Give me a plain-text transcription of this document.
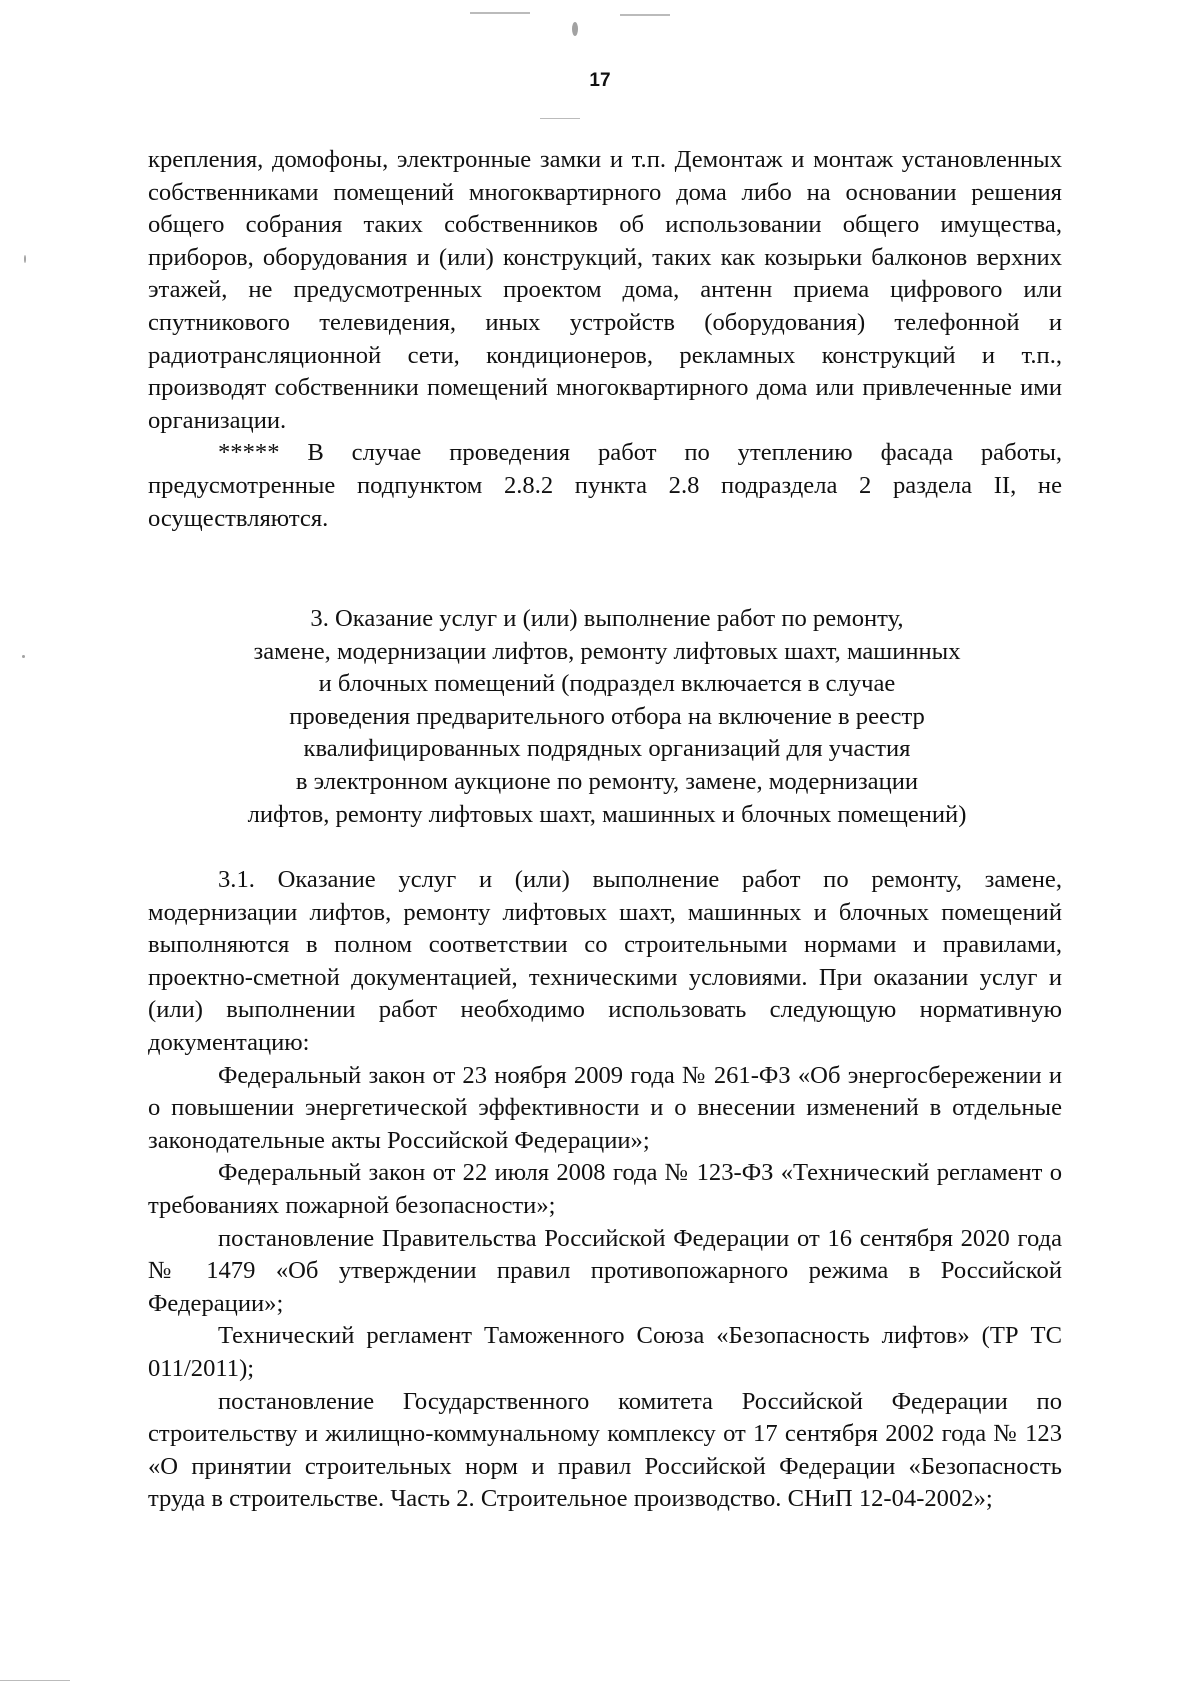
17

крепления, домофоны, электронные замки и т.п. Демонтаж и монтаж установленных собственниками помещений многоквартирного дома либо на основании решения общего собрания таких собственников об использовании общего имущества, приборов, оборудования и (или) конструкций, таких как козырьки балконов верхних этажей, не предусмотренных проектом дома, антенн приема цифрового или спутникового телевидения, иных устройств (оборудования) телефонной и радиотрансляционной сети, кондиционеров, рекламных конструкций и т.п., производят собственники помещений многоквартирного дома или привлеченные ими организации.

***** В случае проведения работ по утеплению фасада работы, предусмотренные подпунктом 2.8.2 пункта 2.8 подраздела 2 раздела II, не осуществляются.

3. Оказание услуг и (или) выполнение работ по ремонту,

замене, модернизации лифтов, ремонту лифтовых шахт, машинных

и блочных помещений (подраздел включается в случае

проведения предварительного отбора на включение в реестр

квалифицированных подрядных организаций для участия

в электронном аукционе по ремонту, замене, модернизации

лифтов, ремонту лифтовых шахт, машинных и блочных помещений)

3.1. Оказание услуг и (или) выполнение работ по ремонту, замене, модернизации лифтов, ремонту лифтовых шахт, машинных и блочных помещений выполняются в полном соответствии со строительными нормами и правилами, проектно-сметной документацией, техническими условиями. При оказании услуг и (или) выполнении работ необходимо использовать следующую нормативную документацию:

Федеральный закон от 23 ноября 2009 года № 261-ФЗ «Об энергосбережении и о повышении энергетической эффективности и о внесении изменений в отдельные законодательные акты Российской Федерации»;

Федеральный закон от 22 июля 2008 года № 123-ФЗ «Технический регламент о требованиях пожарной безопасности»;

постановление Правительства Российской Федерации от 16 сентября 2020 года № 1479 «Об утверждении правил противопожарного режима в Российской Федерации»;

Технический регламент Таможенного Союза «Безопасность лифтов» (ТР ТС 011/2011);

постановление Государственного комитета Российской Федерации по строительству и жилищно-коммунальному комплексу от 17 сентября 2002 года № 123 «О принятии строительных норм и правил Российской Федерации «Безопасность труда в строительстве. Часть 2. Строительное производство. СНиП 12-04-2002»;
